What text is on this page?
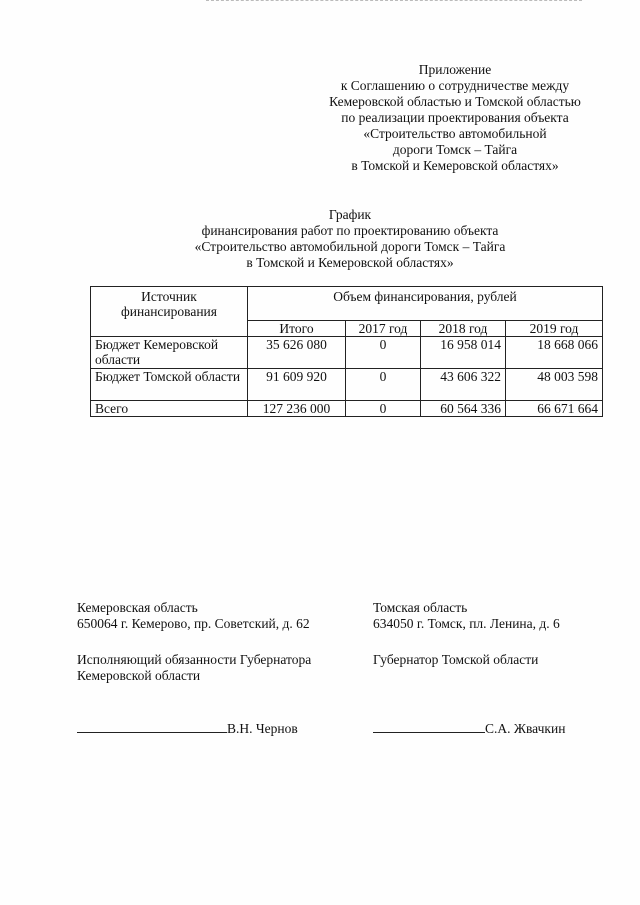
Приложение
к Соглашению о сотрудничестве между
Кемеровской областью и Томской областью
по реализации проектирования объекта
«Строительство автомобильной
дороги Томск – Тайга
в Томской и Кемеровской областях»
График
финансирования работ по проектированию объекта
«Строительство автомобильной дороги Томск – Тайга
в Томской и Кемеровской областях»
Источник финансирования	Объем финансирования, рублей			
	Итого	2017 год	2018 год	2019 год
Бюджет Кемеровской области	35 626 080	0	16 958 014	18 668 066
Бюджет Томской области	91 609 920	0	43 606 322	48 003 598
Всего	127 236 000	0	60 564 336	66 671 664
Кемеровская область
650064 г. Кемерово, пр. Советский, д. 62
Томская область
634050 г. Томск, пл. Ленина, д. 6
Исполняющий обязанности Губернатора
Кемеровской области
Губернатор Томской области
В.Н. Чернов	С.А. Жвачкин
